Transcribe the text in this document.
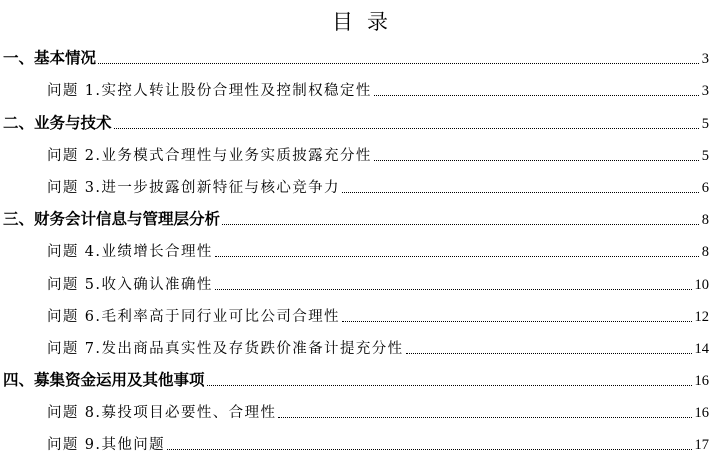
目录
一、基本情况	3
问题 1.实控人转让股份合理性及控制权稳定性	3
二、业务与技术	5
问题 2.业务模式合理性与业务实质披露充分性	5
问题 3.进一步披露创新特征与核心竞争力	6
三、财务会计信息与管理层分析	8
问题 4.业绩增长合理性	8
问题 5.收入确认准确性	10
问题 6.毛利率高于同行业可比公司合理性	12
问题 7.发出商品真实性及存货跌价准备计提充分性	14
四、募集资金运用及其他事项	16
问题 8.募投项目必要性、合理性	16
问题 9.其他问题	17
